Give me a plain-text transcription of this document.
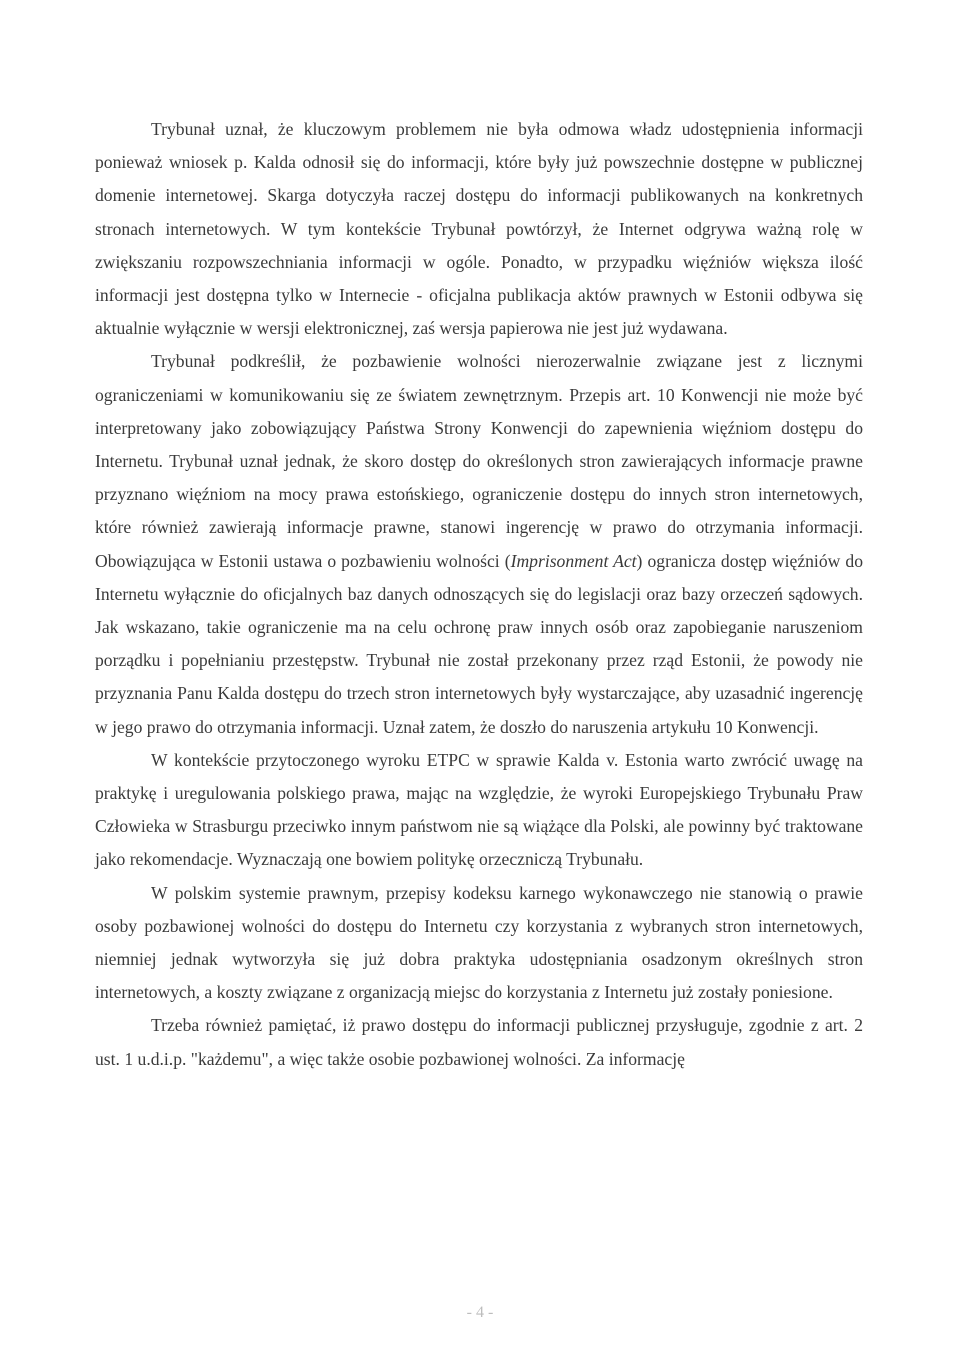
Trybunał uznał, że kluczowym problemem nie była odmowa władz udostępnienia informacji ponieważ wniosek p. Kalda odnosił się do informacji, które były już powszechnie dostępne w publicznej domenie internetowej. Skarga dotyczyła raczej dostępu do informacji publikowanych na konkretnych stronach internetowych. W tym kontekście Trybunał powtórzył, że Internet odgrywa ważną rolę w zwiększaniu rozpowszechniania informacji w ogóle. Ponadto, w przypadku więźniów większa ilość informacji jest dostępna tylko w Internecie - oficjalna publikacja aktów prawnych w Estonii odbywa się aktualnie wyłącznie w wersji elektronicznej, zaś wersja papierowa nie jest już wydawana.

Trybunał podkreślił, że pozbawienie wolności nierozerwalnie związane jest z licznymi ograniczeniami w komunikowaniu się ze światem zewnętrznym. Przepis art. 10 Konwencji nie może być interpretowany jako zobowiązujący Państwa Strony Konwencji do zapewnienia więźniom dostępu do Internetu. Trybunał uznał jednak, że skoro dostęp do określonych stron zawierających informacje prawne przyznano więźniom na mocy prawa estońskiego, ograniczenie dostępu do innych stron internetowych, które również zawierają informacje prawne, stanowi ingerencję w prawo do otrzymania informacji. Obowiązująca w Estonii ustawa o pozbawieniu wolności (Imprisonment Act) ogranicza dostęp więźniów do Internetu wyłącznie do oficjalnych baz danych odnoszących się do legislacji oraz bazy orzeczeń sądowych. Jak wskazano, takie ograniczenie ma na celu ochronę praw innych osób oraz zapobieganie naruszeniom porządku i popełnianiu przestępstw. Trybunał nie został przekonany przez rząd Estonii, że powody nie przyznania Panu Kalda dostępu do trzech stron internetowych były wystarczające, aby uzasadnić ingerencję w jego prawo do otrzymania informacji. Uznał zatem, że doszło do naruszenia artykułu 10 Konwencji.

W kontekście przytoczonego wyroku ETPC w sprawie Kalda v. Estonia warto zwrócić uwagę na praktykę i uregulowania polskiego prawa, mając na względzie, że wyroki Europejskiego Trybunału Praw Człowieka w Strasburgu przeciwko innym państwom nie są wiążące dla Polski, ale powinny być traktowane jako rekomendacje. Wyznaczają one bowiem politykę orzeczniczą Trybunału.

W polskim systemie prawnym, przepisy kodeksu karnego wykonawczego nie stanowią o prawie osoby pozbawionej wolności do dostępu do Internetu czy korzystania z wybranych stron internetowych, niemniej jednak wytworzyła się już dobra praktyka udostępniania osadzonym określnych stron internetowych, a koszty związane z organizacją miejsc do korzystania z Internetu już zostały poniesione.

Trzeba również pamiętać, iż prawo dostępu do informacji publicznej przysługuje, zgodnie z art. 2 ust. 1 u.d.i.p. "każdemu", a więc także osobie pozbawionej wolności. Za informację

- 4 -
